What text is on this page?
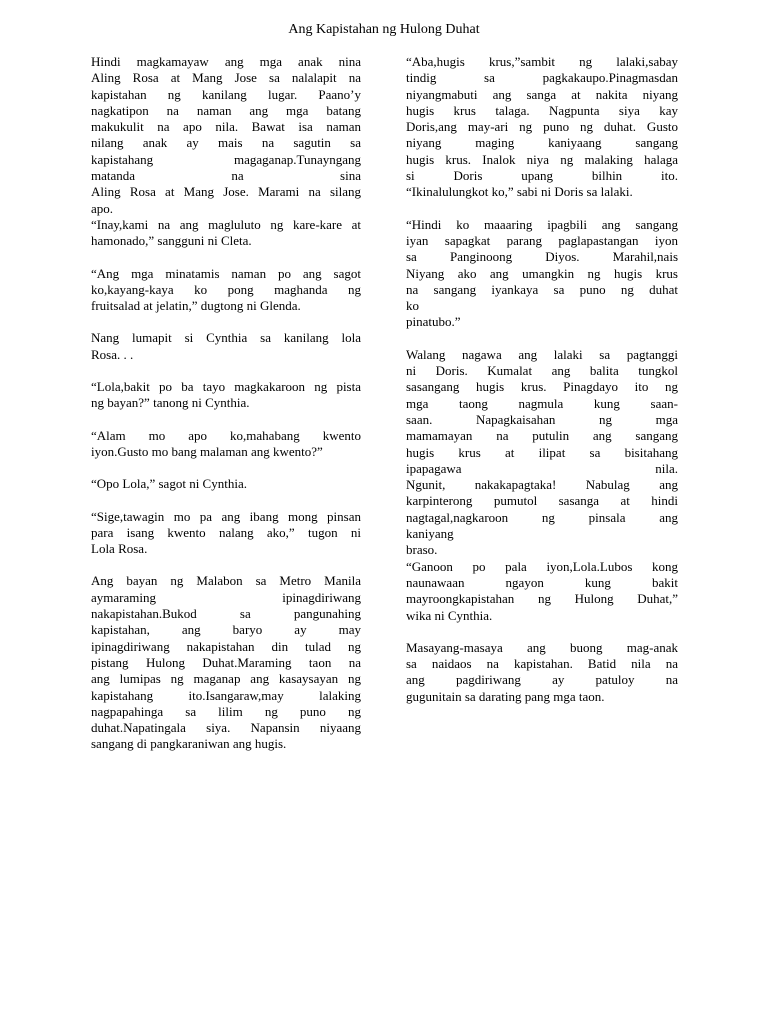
Ang Kapistahan ng Hulong Duhat
Hindi magkamayaw ang mga anak nina
Aling Rosa at Mang Jose sa nalalapit na
kapistahan ng kanilang lugar. Paano’y
nagkatipon na naman ang mga batang
makukulit na apo nila. Bawat isa naman
nilang anak ay mais na sagutin sa
kapistahang magaganap.Tunayngang
matanda na sina
Aling Rosa at Mang Jose. Marami na silang
apo.
“Inay,kami na ang magluluto ng kare-kare at
hamonado,” sangguni ni Cleta.
“Ang mga minatamis naman po ang sagot
ko,kayang-kaya ko pong maghanda ng
fruitsalad at jelatin,” dugtong ni Glenda.
Nang lumapit si Cynthia sa kanilang lola
Rosa. . .
“Lola,bakit po ba tayo magkakaroon ng pista
ng bayan?” tanong ni Cynthia.
“Alam mo apo ko,mahabang kwento
iyon.Gusto mo bang malaman ang kwento?”
“Opo Lola,” sagot ni Cynthia.
“Sige,tawagin mo pa ang ibang mong pinsan
para isang kwento nalang ako,” tugon ni
Lola Rosa.
Ang bayan ng Malabon sa Metro Manila
aymaraming ipinagdiriwang
nakapistahan.Bukod sa pangunahing
kapistahan, ang baryo ay may
ipinagdiriwang nakapistahan din tulad ng
pistang Hulong Duhat.Maraming taon na
ang lumipas ng maganap ang kasaysayan ng
kapistahang ito.Isangaraw,may lalaking
nagpapahinga sa lilim ng puno ng
duhat.Napatingala siya. Napansin niyaang
sangang di pangkaraniwan ang hugis.
“Aba,hugis krus,”sambit ng lalaki,sabay
tindig sa pagkakaupo.Pinagmasdan
niyangmabuti ang sanga at nakita niyang
hugis krus talaga. Nagpunta siya kay
Doris,ang may-ari ng puno ng duhat. Gusto
niyang maging kaniyaang sangang
hugis krus. Inalok niya ng malaking halaga
si Doris upang bilhin ito.
“Ikinalulungkot ko,” sabi ni Doris sa lalaki.
“Hindi ko maaaring ipagbili ang sangang
iyan sapagkat parang paglapastangan iyon
sa Panginoong Diyos. Marahil,nais
Niyang ako ang umangkin ng hugis krus
na sangang iyankaya sa puno ng duhat
ko
pinatubo.”
Walang nagawa ang lalaki sa pagtanggi
ni Doris. Kumalat ang balita tungkol
sasangang hugis krus. Pinagdayo ito ng
mga taong nagmula kung saan-
saan. Napagkaisahan ng mga
mamamayan na putulin ang sangang
hugis krus at ilipat sa bisitahang
ipapagawa nila.
Ngunit, nakakapagtaka! Nabulag ang
karpinterong pumutol sasanga at hindi
nagtagal,nagkaroon ng pinsala ang
kaniyang
braso.
“Ganoon po pala iyon,Lola.Lubos kong
naunawaan ngayon kung bakit
mayroongkapistahan ng Hulong Duhat,”
wika ni Cynthia.
Masayang-masaya ang buong mag-anak
sa naidaos na kapistahan. Batid nila na
ang pagdiriwang ay patuloy na
gugunitain sa darating pang mga taon.
